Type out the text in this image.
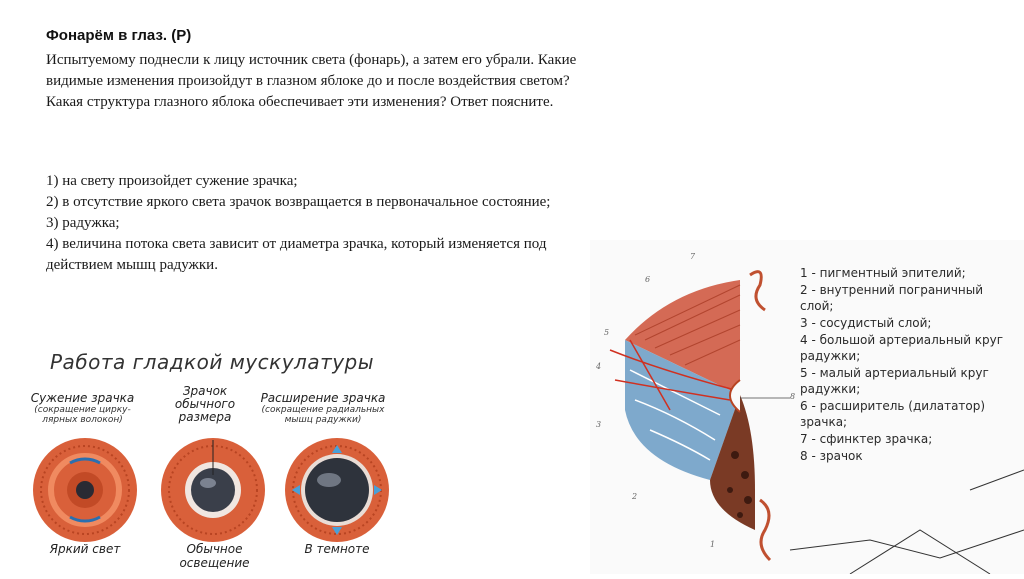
Фонарём в глаз. (Р)
Испытуемому поднесли к лицу источник света (фонарь), а затем его убрали. Какие видимые изменения произойдут в глазном яблоке до и после воздействия светом? Какая структура глазного яблока обеспечивает эти изменения? Ответ поясните.

1) на свету произойдет сужение зрачка;

2) в отсутствие яркого света зрачок возвращается в первоначальное состояние;

3) радужка;

4) величина потока света зависит от диаметра зрачка, который изменяется под действием мышц радужки.

Работа гладкой мускулатуры
Сужение зрачка
(сокращение цирку-лярных волокон)
Зрачок обычного размера
Расширение зрачка
(сокращение радиальных мышц радужки)
Яркий свет	Обычное освещение
В темноте
7
6
5
4
3
2
8
1
1 - пигментный эпителий;
2 - внутренний пограничный слой;
3 - сосудистый слой;
4 - большой артериальный круг радужки;
5 - малый артериальный круг радужки;
6 - расширитель (дилататор) зрачка;
7 - сфинктер зрачка;
8 - зрачок
